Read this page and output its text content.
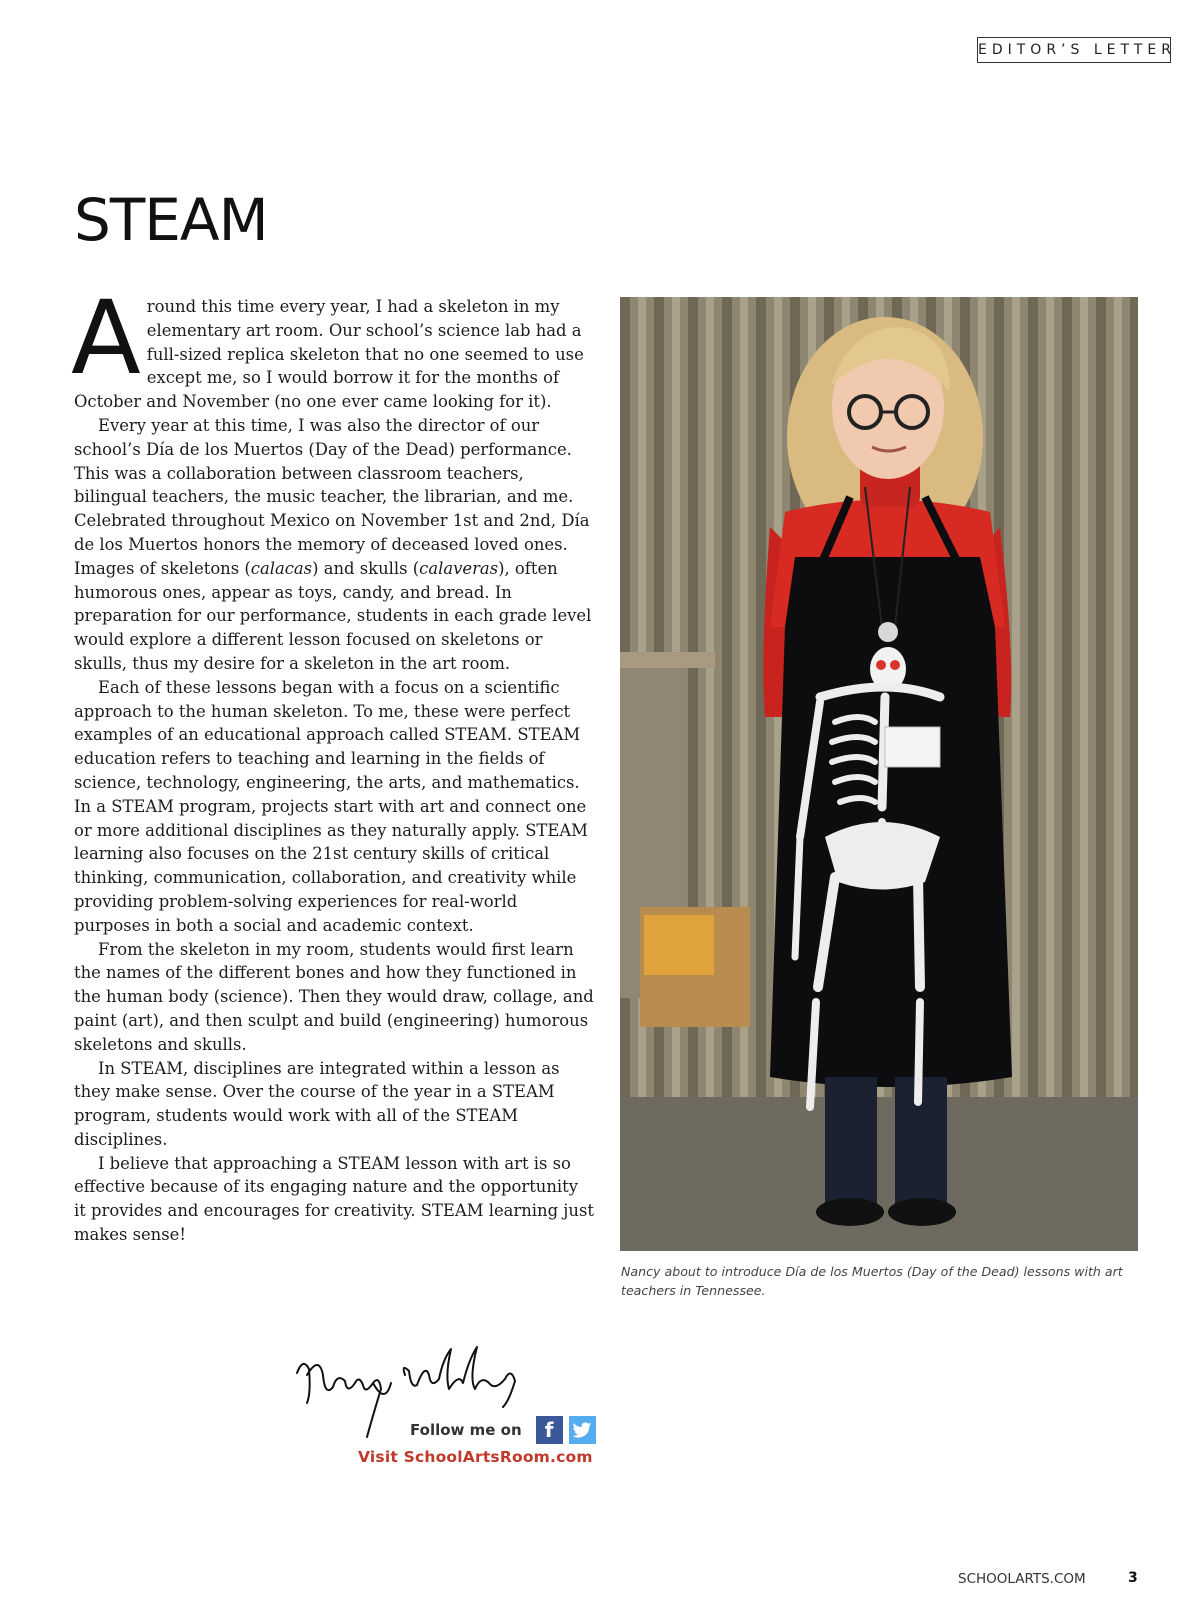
EDITOR’S LETTER
STEAM

Around this time every year, I had a skeleton in my elementary art room. Our school’s science lab had a full-sized replica skeleton that no one seemed to use except me, so I would borrow it for the months of October and November (no one ever came looking for it).

Every year at this time, I was also the director of our school’s Día de los Muertos (Day of the Dead) performance. This was a collaboration between classroom teachers, bilingual teachers, the music teacher, the librarian, and me. Celebrated throughout Mexico on November 1st and 2nd, Día de los Muertos honors the memory of deceased loved ones. Images of skeletons (calacas) and skulls (calaveras), often humorous ones, appear as toys, candy, and bread. In preparation for our performance, students in each grade level would explore a different lesson focused on skeletons or skulls, thus my desire for a skeleton in the art room.

Each of these lessons began with a focus on a scientific approach to the human skeleton. To me, these were perfect examples of an educational approach called STEAM. STEAM education refers to teaching and learning in the fields of science, technology, engineering, the arts, and mathematics. In a STEAM program, projects start with art and connect one or more additional disciplines as they naturally apply. STEAM learning also focuses on the 21st century skills of critical thinking, communication, collaboration, and creativity while providing problem-solving experiences for real-world purposes in both a social and academic context.

From the skeleton in my room, students would first learn the names of the different bones and how they functioned in the human body (science). Then they would draw, collage, and paint (art), and then sculpt and build (engineering) humorous skeletons and skulls.

In STEAM, disciplines are integrated within a lesson as they make sense. Over the course of the year in a STEAM program, students would work with all of the STEAM disciplines.

I believe that approaching a STEAM lesson with art is so effective because of its engaging nature and the opportunity it provides and encourages for creativity. STEAM learning just makes sense!

Nancy about to introduce Día de los Muertos (Day of the Dead) lessons with art teachers in Tennessee.
Follow me on	f
Visit SchoolArtsRoom.com
SCHOOLARTS.COM	3
